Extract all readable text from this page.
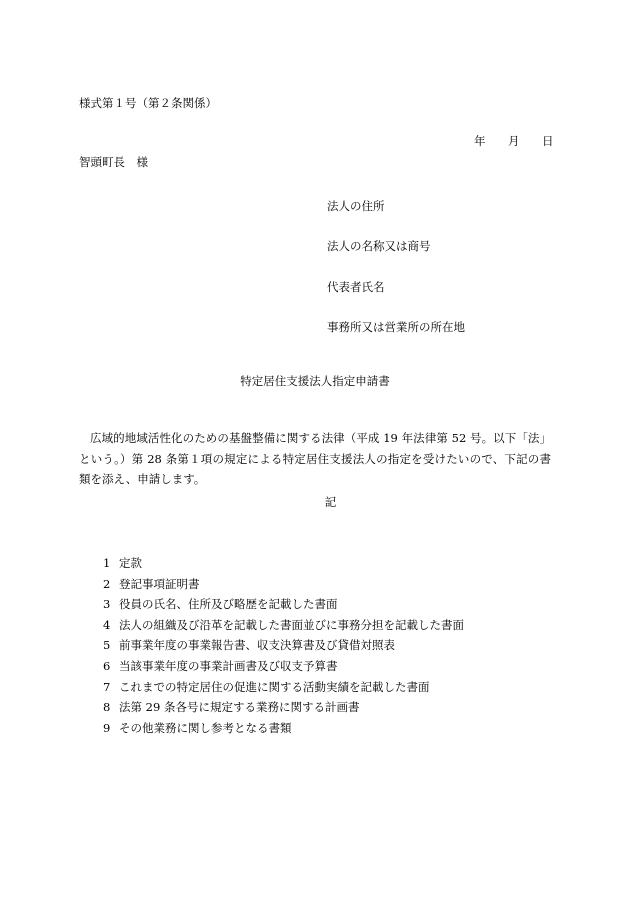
様式第１号（第２条関係）
年 月 日
智頭町長　様
法人の住所
法人の名称又は商号
代表者氏名
事務所又は営業所の所在地
特定居住支援法人指定申請書
広域的地域活性化のための基盤整備に関する法律（平成 19 年法律第 52 号。以下「法」という。）第 28 条第１項の規定による特定居住支援法人の指定を受けたいので、下記の書類を添え、申請します。
記
1 定款
2 登記事項証明書
3 役員の氏名、住所及び略歴を記載した書面
4 法人の組織及び沿革を記載した書面並びに事務分担を記載した書面
5 前事業年度の事業報告書、収支決算書及び貸借対照表
6 当該事業年度の事業計画書及び収支予算書
7 これまでの特定居住の促進に関する活動実績を記載した書面
8 法第 29 条各号に規定する業務に関する計画書
9 その他業務に関し参考となる書類
